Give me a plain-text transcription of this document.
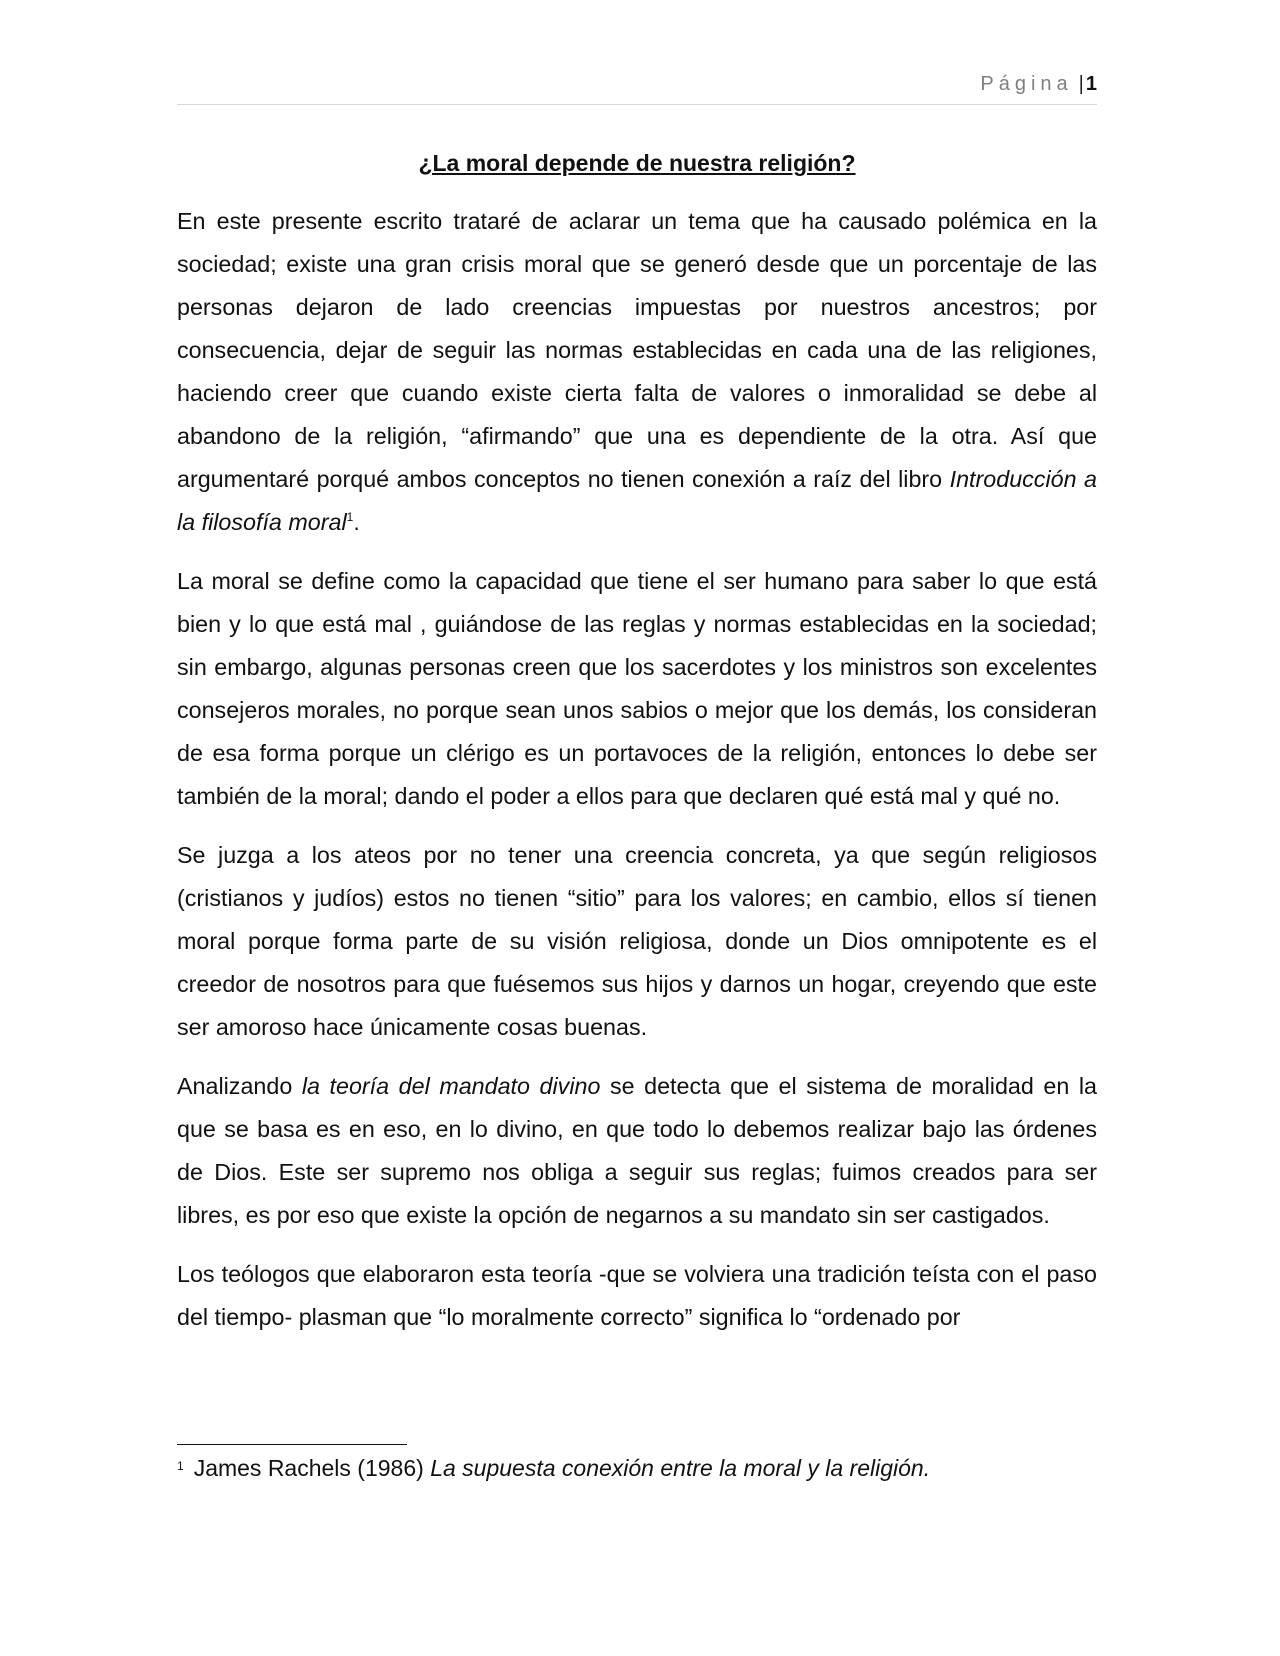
Página | 1
¿La moral depende de nuestra religión?

En este presente escrito trataré de aclarar un tema que ha causado polémica en la sociedad; existe una gran crisis moral que se generó desde que un porcentaje de las personas dejaron de lado creencias impuestas por nuestros ancestros; por consecuencia, dejar de seguir las normas establecidas en cada una de las religiones, haciendo creer que cuando existe cierta falta de valores o inmoralidad se debe al abandono de la religión, “afirmando” que una es dependiente de la otra. Así que argumentaré porqué ambos conceptos no tienen conexión a raíz del libro Introducción a la filosofía moral$^1$.

La moral se define como la capacidad que tiene el ser humano para saber lo que está bien y lo que está mal , guiándose de las reglas y normas establecidas en la sociedad; sin embargo, algunas personas creen que los sacerdotes y los ministros son excelentes consejeros morales, no porque sean unos sabios o mejor que los demás, los consideran de esa forma porque un clérigo es un portavoces de la religión, entonces lo debe ser también de la moral; dando el poder a ellos para que declaren qué está mal y qué no.

Se juzga a los ateos por no tener una creencia concreta, ya que según religiosos (cristianos y judíos) estos no tienen “sitio” para los valores; en cambio, ellos sí tienen moral porque forma parte de su visión religiosa, donde un Dios omnipotente es el creedor de nosotros para que fuésemos sus hijos y darnos un hogar, creyendo que este ser amoroso hace únicamente cosas buenas.

Analizando la teoría del mandato divino se detecta que el sistema de moralidad en la que se basa es en eso, en lo divino, en que todo lo debemos realizar bajo las órdenes de Dios. Este ser supremo nos obliga a seguir sus reglas; fuimos creados para ser libres, es por eso que existe la opción de negarnos a su mandato sin ser castigados.

Los teólogos que elaboraron esta teoría -que se volviera una tradición teísta con el paso del tiempo- plasman que “lo moralmente correcto” significa lo “ordenado por

$^1$ James Rachels (1986) La supuesta conexión entre la moral y la religión.
